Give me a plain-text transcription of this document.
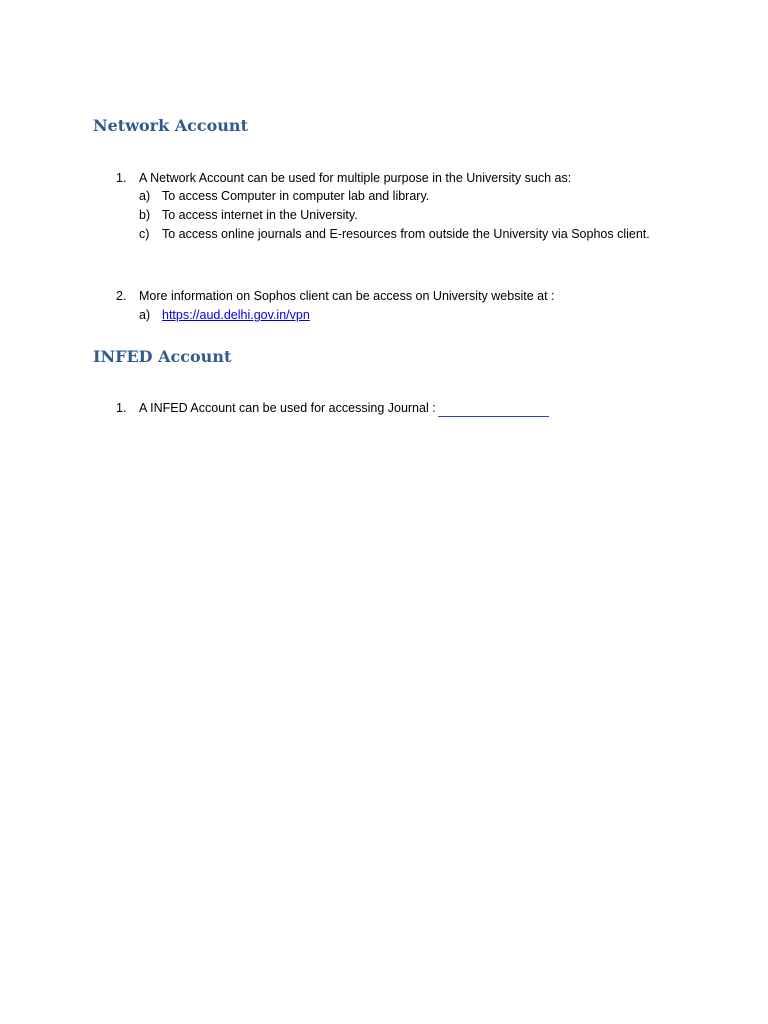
Network Account
1. A Network Account can be used for multiple purpose in the University such as:
a) To access Computer in computer lab and library.
b) To access internet in the University.
c) To access online journals and E-resources from outside the University via Sophos client.
2. More information on Sophos client can be access on University website at :
a) https://aud.delhi.gov.in/vpn
INFED Account
1. A INFED Account can be used for accessing Journal :
